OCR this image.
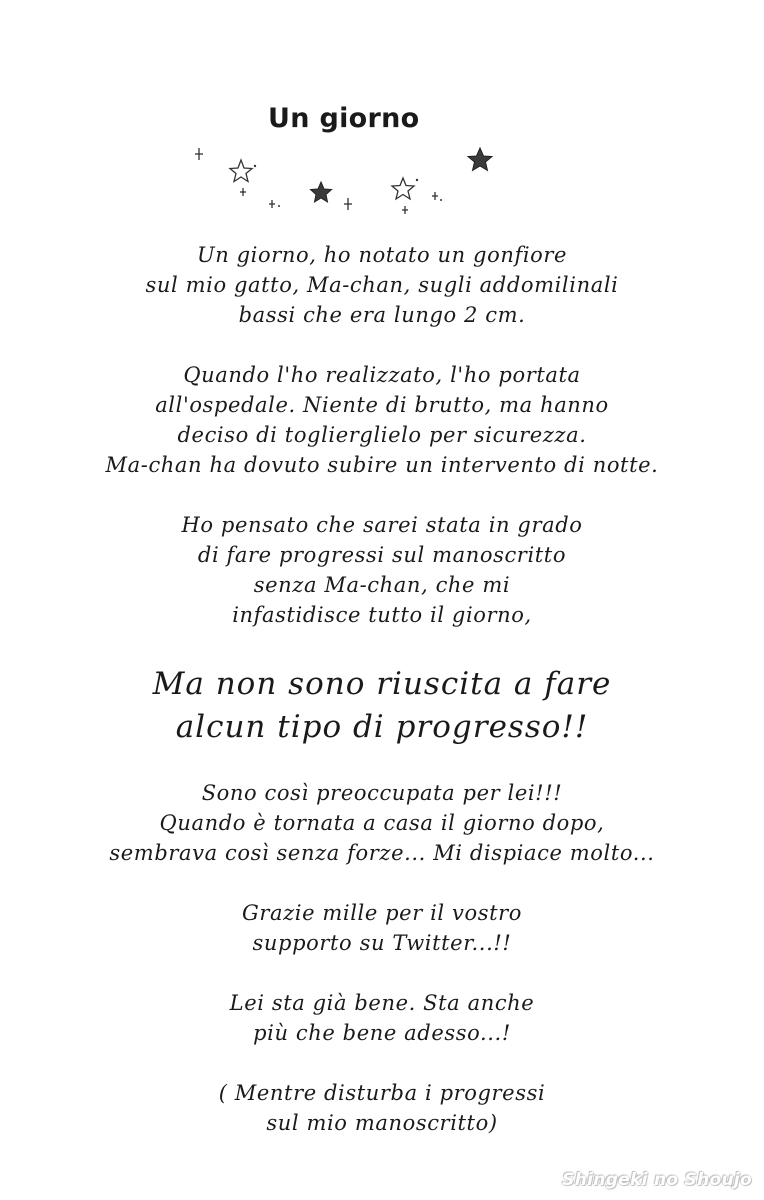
Un giorno
Un giorno, ho notato un gonfiore
sul mio gatto, Ma-chan, sugli addomilinali
bassi che era lungo 2 cm.
Quando l'ho realizzato, l'ho portata
all'ospedale. Niente di brutto, ma hanno
deciso di toglierglielo per sicurezza.
Ma-chan ha dovuto subire un intervento di notte.
Ho pensato che sarei stata in grado
di fare progressi sul manoscritto
senza Ma-chan, che mi
infastidisce tutto il giorno,
Ma non sono riuscita a fare
alcun tipo di progresso!!
Sono così preoccupata per lei!!!
Quando è tornata a casa il giorno dopo,
sembrava così senza forze... Mi dispiace molto...
Grazie mille per il vostro
supporto su Twitter...!!
Lei sta già bene. Sta anche
più che bene adesso...!
( Mentre disturba i progressi
sul mio manoscritto)
Shingeki no Shoujo
